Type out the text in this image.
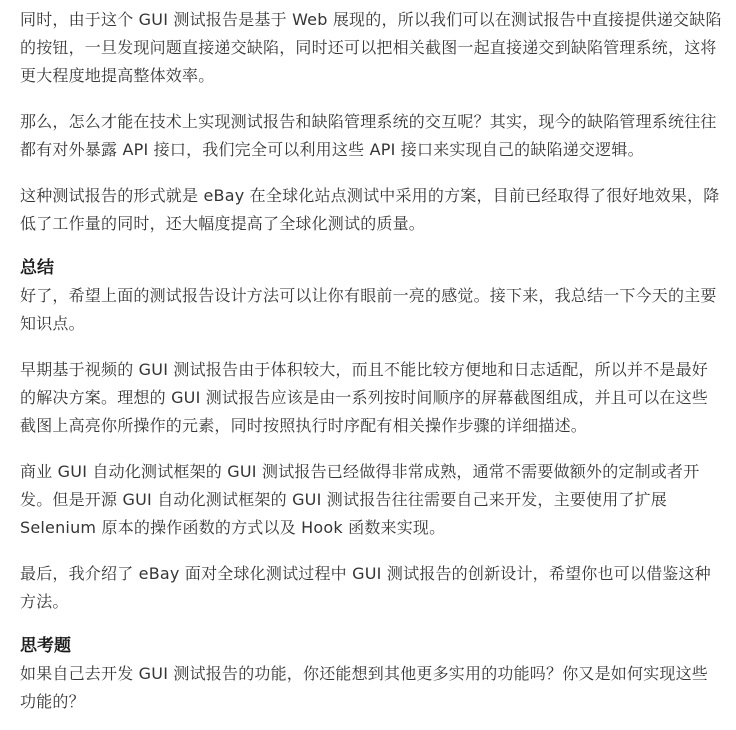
同时，由于这个 GUI 测试报告是基于 Web 展现的，所以我们可以在测试报告中直接提供递交缺陷的按钮，一旦发现问题直接递交缺陷，同时还可以把相关截图一起直接递交到缺陷管理系统，这将更大程度地提高整体效率。

那么，怎么才能在技术上实现测试报告和缺陷管理系统的交互呢？其实，现今的缺陷管理系统往往都有对外暴露 API 接口，我们完全可以利用这些 API 接口来实现自己的缺陷递交逻辑。

这种测试报告的形式就是 eBay 在全球化站点测试中采用的方案，目前已经取得了很好地效果，降低了工作量的同时，还大幅度提高了全球化测试的质量。

总结

好了，希望上面的测试报告设计方法可以让你有眼前一亮的感觉。接下来，我总结一下今天的主要知识点。

早期基于视频的 GUI 测试报告由于体积较大，而且不能比较方便地和日志适配，所以并不是最好的解决方案。理想的 GUI 测试报告应该是由一系列按时间顺序的屏幕截图组成，并且可以在这些截图上高亮你所操作的元素，同时按照执行时序配有相关操作步骤的详细描述。

商业 GUI 自动化测试框架的 GUI 测试报告已经做得非常成熟，通常不需要做额外的定制或者开发。但是开源 GUI 自动化测试框架的 GUI 测试报告往往需要自己来开发，主要使用了扩展 Selenium 原本的操作函数的方式以及 Hook 函数来实现。

最后，我介绍了 eBay 面对全球化测试过程中 GUI 测试报告的创新设计，希望你也可以借鉴这种方法。

思考题

如果自己去开发 GUI 测试报告的功能，你还能想到其他更多实用的功能吗？你又是如何实现这些功能的？
